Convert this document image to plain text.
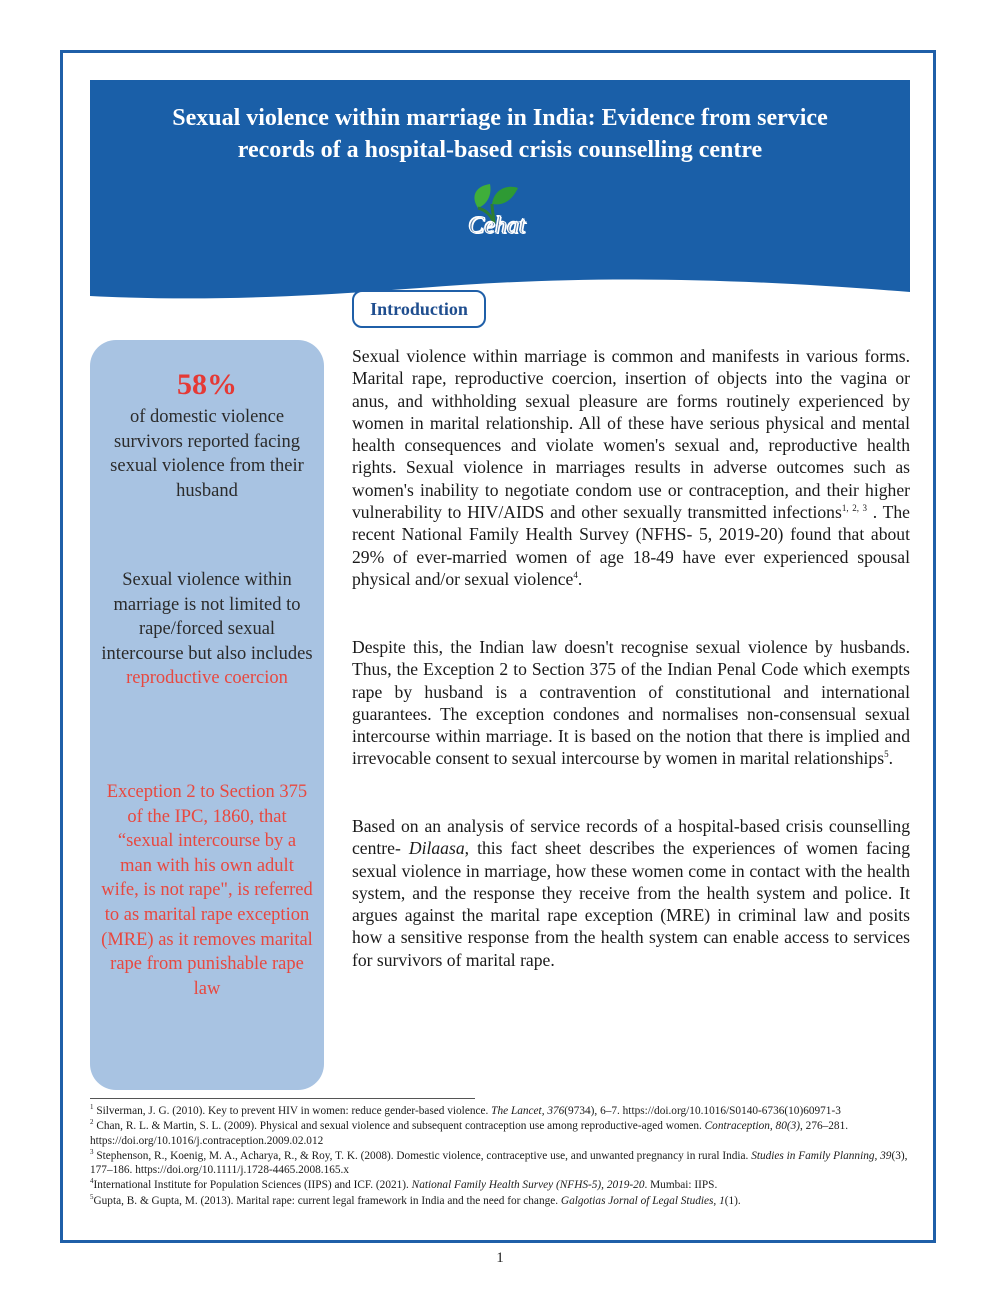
Sexual violence within marriage in India: Evidence from service
records of a hospital-based crisis counselling centre
Cehat
Introduction
58%
of domestic violence survivors reported facing sexual violence from their husband
Sexual violence within marriage is not limited to rape/forced sexual intercourse but also includes reproductive coercion
Exception 2 to Section 375 of the IPC, 1860, that “sexual intercourse by a man with his own adult wife, is not rape", is referred to as marital rape exception (MRE) as it removes marital rape from punishable rape law
Sexual violence within marriage is common and manifests in various forms. Marital rape, reproductive coercion, insertion of objects into the vagina or anus, and withholding sexual pleasure are forms routinely experienced by women in marital relationship. All of these have serious physical and mental health consequences and violate women's sexual and, reproductive health rights. Sexual violence in marriages results in adverse outcomes such as women's inability to negotiate condom use or contraception, and their higher vulnerability to HIV/AIDS and other sexually transmitted infections$^{1, 2, 3}$ . The recent National Family Health Survey (NFHS- 5, 2019-20) found that about 29% of ever-married women of age 18-49 have ever experienced spousal physical and/or sexual violence$^4$.
Despite this, the Indian law doesn't recognise sexual violence by husbands. Thus, the Exception 2 to Section 375 of the Indian Penal Code which exempts rape by husband is a contravention of constitutional and international guarantees. The exception condones and normalises non-consensual sexual intercourse within marriage. It is based on the notion that there is implied and irrevocable consent to sexual intercourse by women in marital relationships$^5$.
Based on an analysis of service records of a hospital-based crisis counselling centre- Dilaasa, this fact sheet describes the experiences of women facing sexual violence in marriage, how these women come in contact with the health system, and the response they receive from the health system and police. It argues against the marital rape exception (MRE) in criminal law and posits how a sensitive response from the health system can enable access to services for survivors of marital rape.

$^1$ Silverman, J. G. (2010). Key to prevent HIV in women: reduce gender-based violence. The Lancet, 376(9734), 6–7. https://doi.org/10.1016/S0140-6736(10)60971-3

$^2$ Chan, R. L. & Martin, S. L. (2009). Physical and sexual violence and subsequent contraception use among reproductive-aged women. Contraception, 80(3), 276–281. https://doi.org/10.1016/j.contraception.2009.02.012

$^3$ Stephenson, R., Koenig, M. A., Acharya, R., & Roy, T. K. (2008). Domestic violence, contraceptive use, and unwanted pregnancy in rural India. Studies in Family Planning, 39(3), 177–186. https://doi.org/10.1111/j.1728-4465.2008.165.x

$^4$International Institute for Population Sciences (IIPS) and ICF. (2021). National Family Health Survey (NFHS-5), 2019-20. Mumbai: IIPS.

$^5$Gupta, B. & Gupta, M. (2013). Marital rape: current legal framework in India and the need for change. Galgotias Jornal of Legal Studies, 1(1).

1
